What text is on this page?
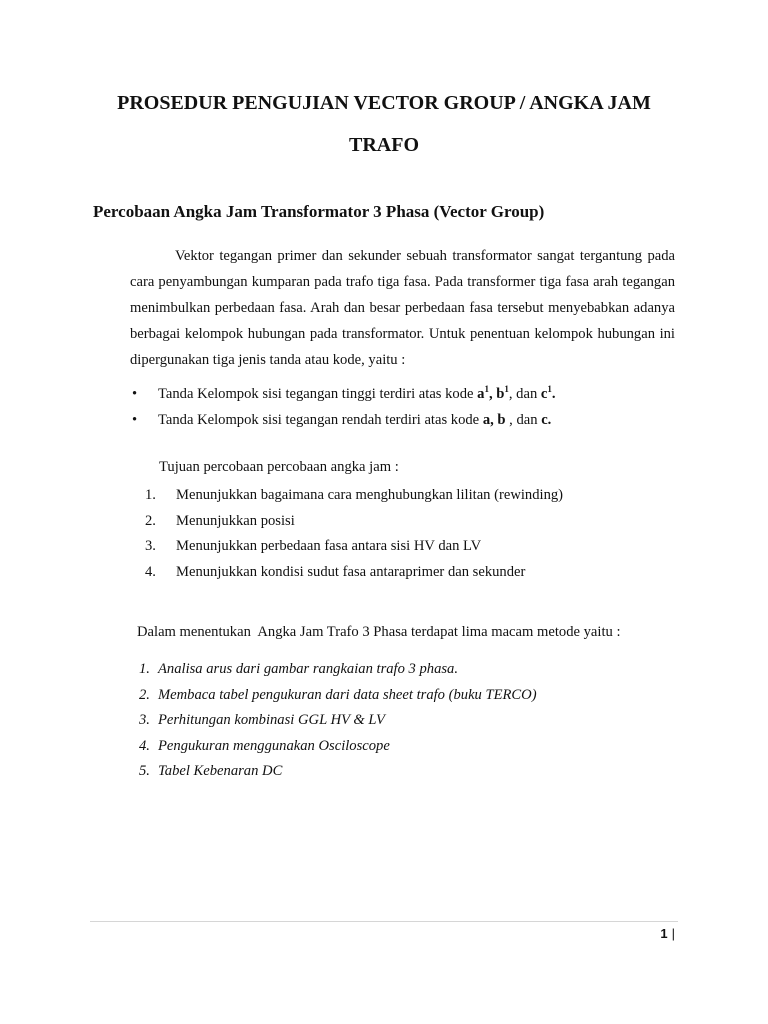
PROSEDUR PENGUJIAN VECTOR GROUP / ANGKA JAM
TRAFO
Percobaan Angka Jam Transformator 3 Phasa (Vector Group)
Vektor tegangan primer dan sekunder sebuah transformator sangat tergantung pada cara penyambungan kumparan pada trafo tiga fasa. Pada transformer tiga fasa arah tegangan menimbulkan perbedaan fasa. Arah dan besar perbedaan fasa tersebut menyebabkan adanya berbagai kelompok hubungan pada transformator. Untuk penentuan kelompok hubungan ini dipergunakan tiga jenis tanda atau kode, yaitu :
• Tanda Kelompok sisi tegangan tinggi terdiri atas kode $a^1$, $b^1$, dan $c^1$.
• Tanda Kelompok sisi tegangan rendah terdiri atas kode a, b , dan c.
Tujuan percobaan percobaan angka jam :
1.	Menunjukkan bagaimana cara menghubungkan lilitan (rewinding)
2.	Menunjukkan posisi
3.	Menunjukkan perbedaan fasa antara sisi HV dan LV
4.	Menunjukkan kondisi sudut fasa antaraprimer dan sekunder
Dalam menentukan  Angka Jam Trafo 3 Phasa terdapat lima macam metode yaitu :
1. Analisa arus dari gambar rangkaian trafo 3 phasa.
2. Membaca tabel pengukuran dari data sheet trafo (buku TERCO)
3. Perhitungan kombinasi GGL HV & LV
4. Pengukuran menggunakan Osciloscope
5. Tabel Kebenaran DC
1 |
